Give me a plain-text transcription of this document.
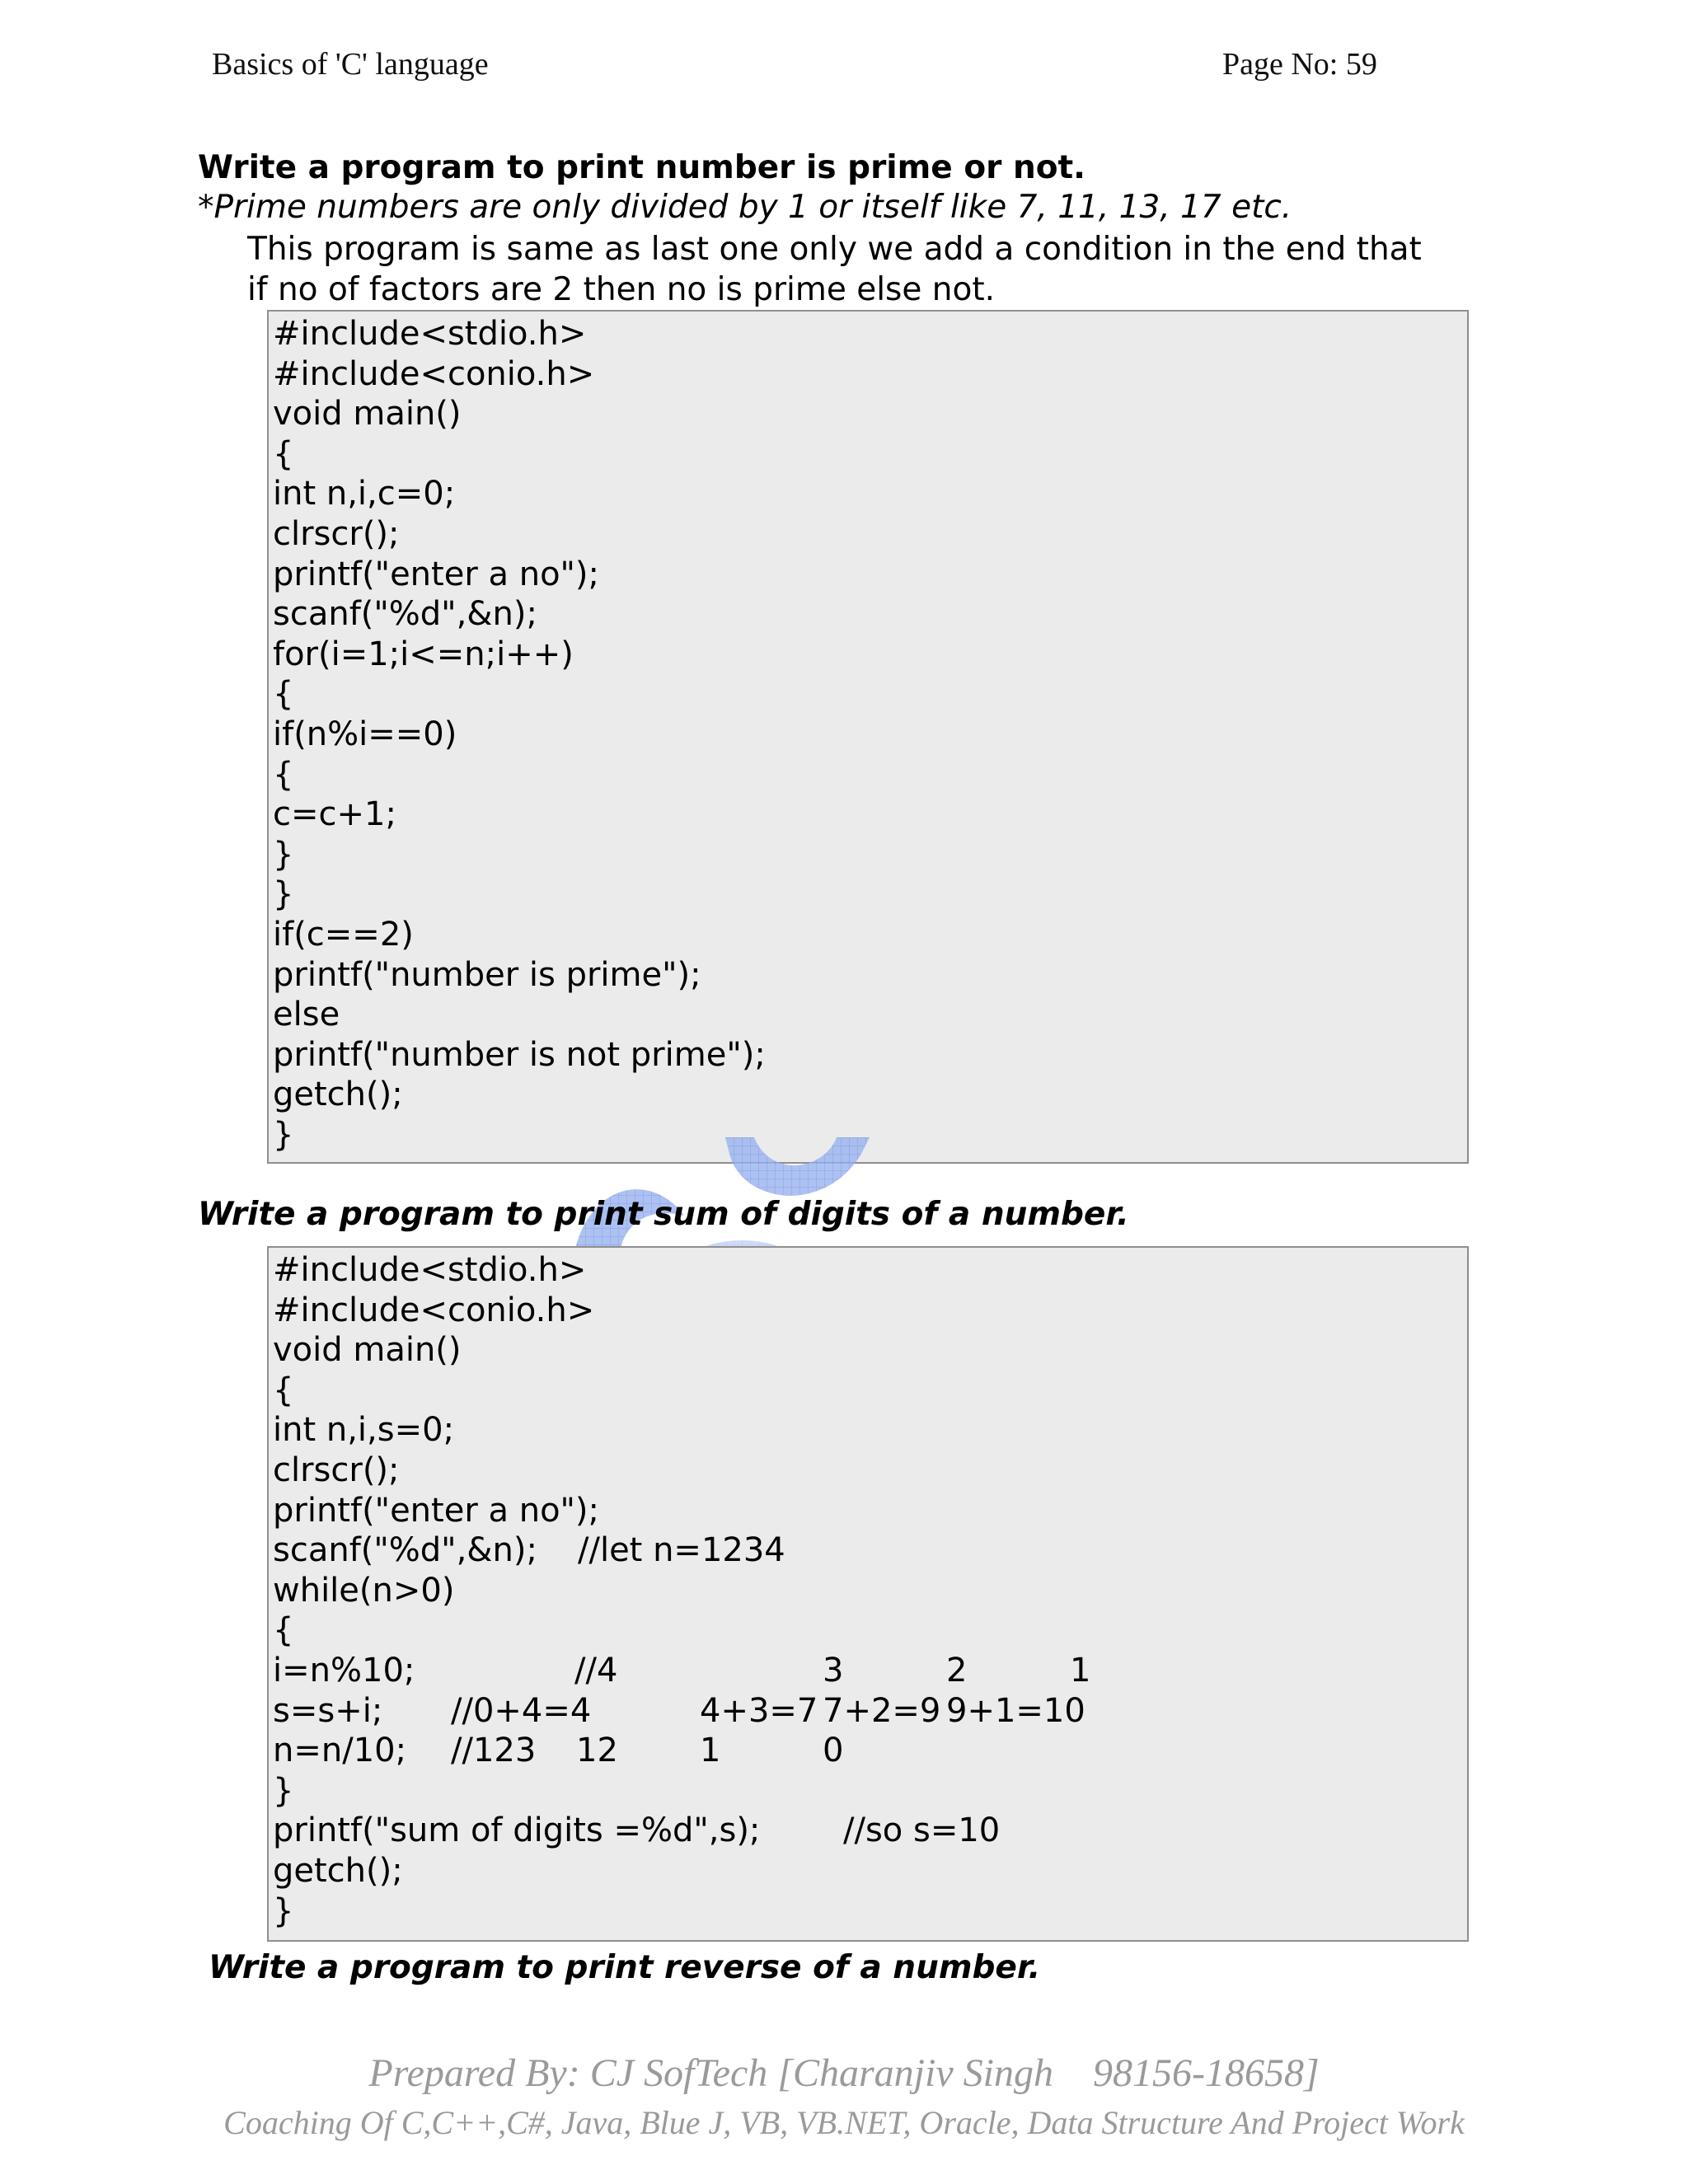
Basics of 'C' language	Page No: 59
Write a program to print number is prime or not.
*Prime numbers are only divided by 1 or itself like 7, 11, 13, 17 etc.
This program is same as last one only we add a condition in the end that
if no of factors are 2 then no is prime else not.
#include<stdio.h>
#include<conio.h>
void main()
{
int n,i,c=0;
clrscr();
printf("enter a no");
scanf("%d",&n);
for(i=1;i<=n;i++)
{
if(n%i==0)
{
c=c+1;
}
}
if(c==2)
printf("number is prime");
else
printf("number is not prime");
getch();
}
Write a program to print sum of digits of a number.
#include<stdio.h>
#include<conio.h>
void main()
{
int n,i,s=0;
clrscr();
printf("enter a no");
scanf("%d",&n); //let n=1234
while(n>0)
{
i=n%10;	//4	3	2	1
s=s+i; //0+4=4	4+3=7 7+2=9 9+1=10
n=n/10; //123 12 1	0
}
printf("sum of digits =%d",s);	//so s=10
getch();
}
Write a program to print reverse of a number.
Prepared By: CJ SofTech [Charanjiv Singh    98156-18658]
Coaching Of C,C++,C#, Java, Blue J, VB, VB.NET, Oracle, Data Structure And Project Work
